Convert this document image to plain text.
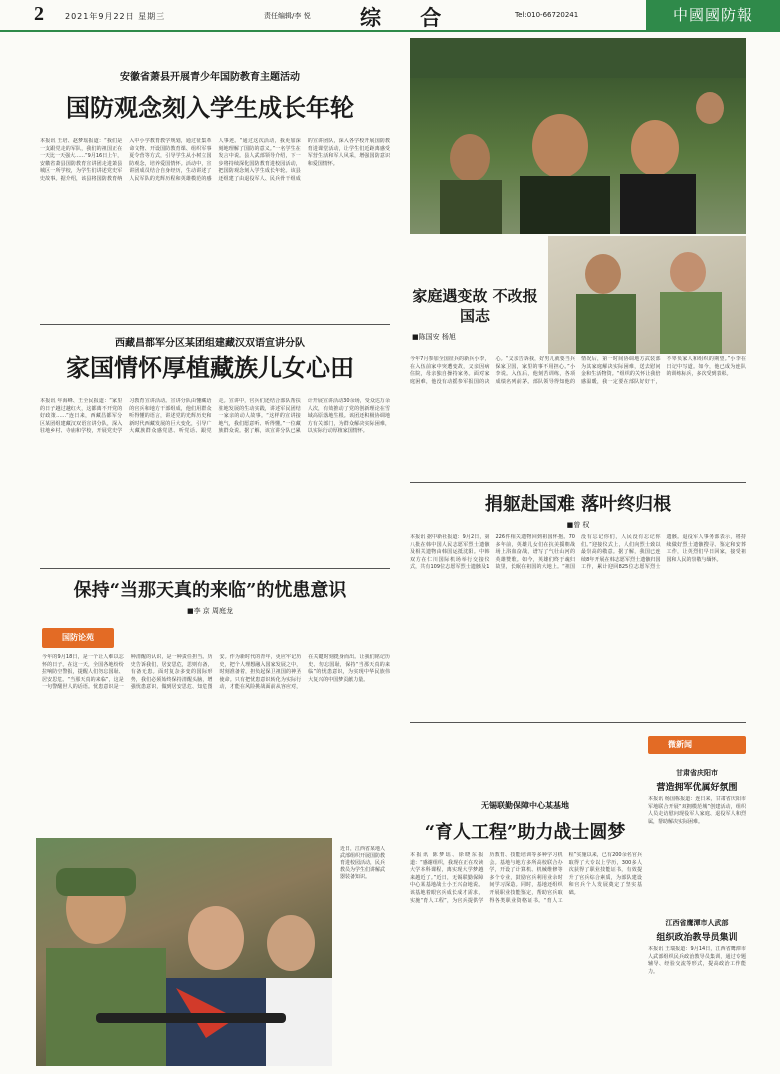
2	2021年9月22日 星期三	责任编辑/李 悦 综 合	Tel:010-66720241	中國國防報
安徽省萧县开展青少年国防教育主题活动
国防观念刻入学生成长年轮
本报讯 王培、赵梦瑶报道：“我们是一支跟党走的军队，我们的祖国正在一天比一天强大……”9月16日上午，安徽省萧县国防教育宣讲团走进萧县城区一所学校，为学生们讲述党史军史故事。据介绍，该县将国防教育纳入中小学教育教学规划，通过征集革命文物、开设国防教育课、组织军事夏令营等方式，引导学生从小树立国防观念，培养爱国情怀。活动中，宣讲团成员结合自身经历，生动讲述了人民军队的光辉历程和英雄模范的感人事迹。“通过这次活动，我更加深刻地理解了国防的意义。”一名学生在发言中说。县人武部领导介绍，下一步将持续深化国防教育进校园活动，把国防观念刻入学生成长年轮。该县还组建了由退役军人、民兵骨干组成的宣讲团队，深入各学校开展国防教育进课堂活动，让学生们近距离感受军营生活和军人风采，增强国防意识和爱国情怀。
西藏昌都军分区某团组建藏汉双语宣讲分队
家国情怀厚植藏族儿女心田
本报讯 年海峰、王全民报道：“家里的日子越过越红火，这都离不开党的好政策……”连日来，西藏昌都军分区某团组建藏汉双语宣讲分队，深入驻地乡村、寺庙和学校，开展党史学习教育宣讲活动。宣讲分队由懂藏语的官兵和地方干部组成，他们用群众听得懂的语言，讲述党的光辉历史和新时代西藏发展的巨大变化，引导广大藏族群众感党恩、听党话、跟党走。宣讲中，官兵们还结合部队帮扶驻地发展的生动实践，讲述军民团结一家亲的动人故事。“这样的宣讲接地气，我们愿意听、听得懂。”一位藏族群众说。据了解，该宣讲分队已累计开展宣讲活动30余场，受众达万余人次，有效推动了党的创新理论在雪域高原落地生根。该团还积极协调地方有关部门，为群众解决实际困难，以实际行动厚植家国情怀。
保持“当那天真的来临”的忧患意识
■李 京 周庭龙
国防论苑
今年的9月18日，是一个让人难以忘怀的日子。在这一天，全国各地纷纷拉响防空警报，提醒人们勿忘国耻、居安思危。“当那天真的来临”，这是一句警醒世人的话语。忧患意识是一种清醒的认识，是一种责任担当。历史告诉我们，居安思危，思则有备，有备无患。面对复杂多变的国际形势，我们必须始终保持清醒头脑，增强忧患意识，做到居安思危、知危图安。作为新时代的青年，更应牢记历史，把个人理想融入国家发展之中，时刻准备着，担负起保卫祖国的神圣使命。只有把忧患意识转化为实际行动，才能在风险挑战面前从容应对，在关键时刻挺身而出。让我们铭记历史、勿忘国耻，保持“当那天真的来临”的忧患意识，为实现中华民族伟大复兴的中国梦贡献力量。
近日，江西省某地人武部组织开展国防教育进校园活动，民兵教员为学生们讲解武器装备知识。
家庭遇变故 不改报国志
■陈国安 杨旭
今年7月参加全国征兵的新兵小李，在入伍前家中突遭变故，父亲因病住院，母亲独自操持家务。面对家庭困难，他没有动摇参军报国的决心。“父亲告诉我，好男儿就要当兵保家卫国，家里的事不用担心。”小李说。入伍后，他刻苦训练，各项成绩名列前茅。部队领导得知他的情况后，第一时间协调地方武装部为其家庭解决实际困难，送去慰问金和生活物资。“组织的关怀让我倍感温暖，我一定要在部队好好干，不辜负家人和组织的期望。”小李在日记中写道。如今，他已成为连队的训练标兵，多次受到表彰。
捐躯赴国难 落叶终归根
■曾 权
本报讯 据中新社报道：9月2日，第八批在韩中国人民志愿军烈士遗骸及相关遗物由韩国运抵沈阳。中韩双方在仁川国际机场举行交接仪式，共有109位志愿军烈士遗骸及1226件相关遗物回到祖国怀抱。70多年前，英雄儿女们在抗美援朝战场上浴血奋战，谱写了气壮山河的英雄赞歌。如今，英雄们终于魂归故里，长眠在祖国的大地上。“祖国没有忘记你们，人民没有忘记你们。”迎接仪式上，人们向烈士致以最崇高的敬意。据了解，我国已连续8年开展在韩志愿军烈士遗骸归国工作，累计迎回825位志愿军烈士遗骸。退役军人事务部表示，将持续做好烈士遗骸搜寻、鉴定和安葬工作，让英烈们早日回家，接受祖国和人民的崇敬与缅怀。
无锡联勤保障中心某基地
“育人工程”助力战士圆梦
本报讯 陈梦瑶、徐晓东报道：“感谢组织，我现在正在攻读大学本科课程，离实现大学梦越来越近了。”近日，无锡联勤保障中心某基地战士小王兴奋地说。该基地着眼官兵成长成才需求，实施“育人工程”，为官兵提供学历教育、技能培训等多种学习机会。基地与地方多所高校联合办学，开设了计算机、机械维修等多个专业，鼓励官兵利用业余时间学习深造。同时，基地还组织开展职业技能鉴定，帮助官兵取得各类职业资格证书。“育人工程”实施以来，已有200余名官兵取得了大专以上学历，300多人次获得了职业技能证书，有效提升了官兵综合素质，为部队建设和官兵个人发展奠定了坚实基础。
微新闻
甘肃省庆阳市
营造拥军优属好氛围
本报讯 杨国栋报道：连日来，甘肃省庆阳市军地联合开展“双拥模范城”创建活动，组织人员走访慰问现役军人家庭、退役军人和烈属，帮助解决实际困难。
江西省鹰潭市人武部
组织政治教导员集训
本报讯 王瑞报道：9月14日，江西省鹰潭市人武部组织民兵政治教导员集训，通过专题辅导、经验交流等形式，提高政治工作能力。
